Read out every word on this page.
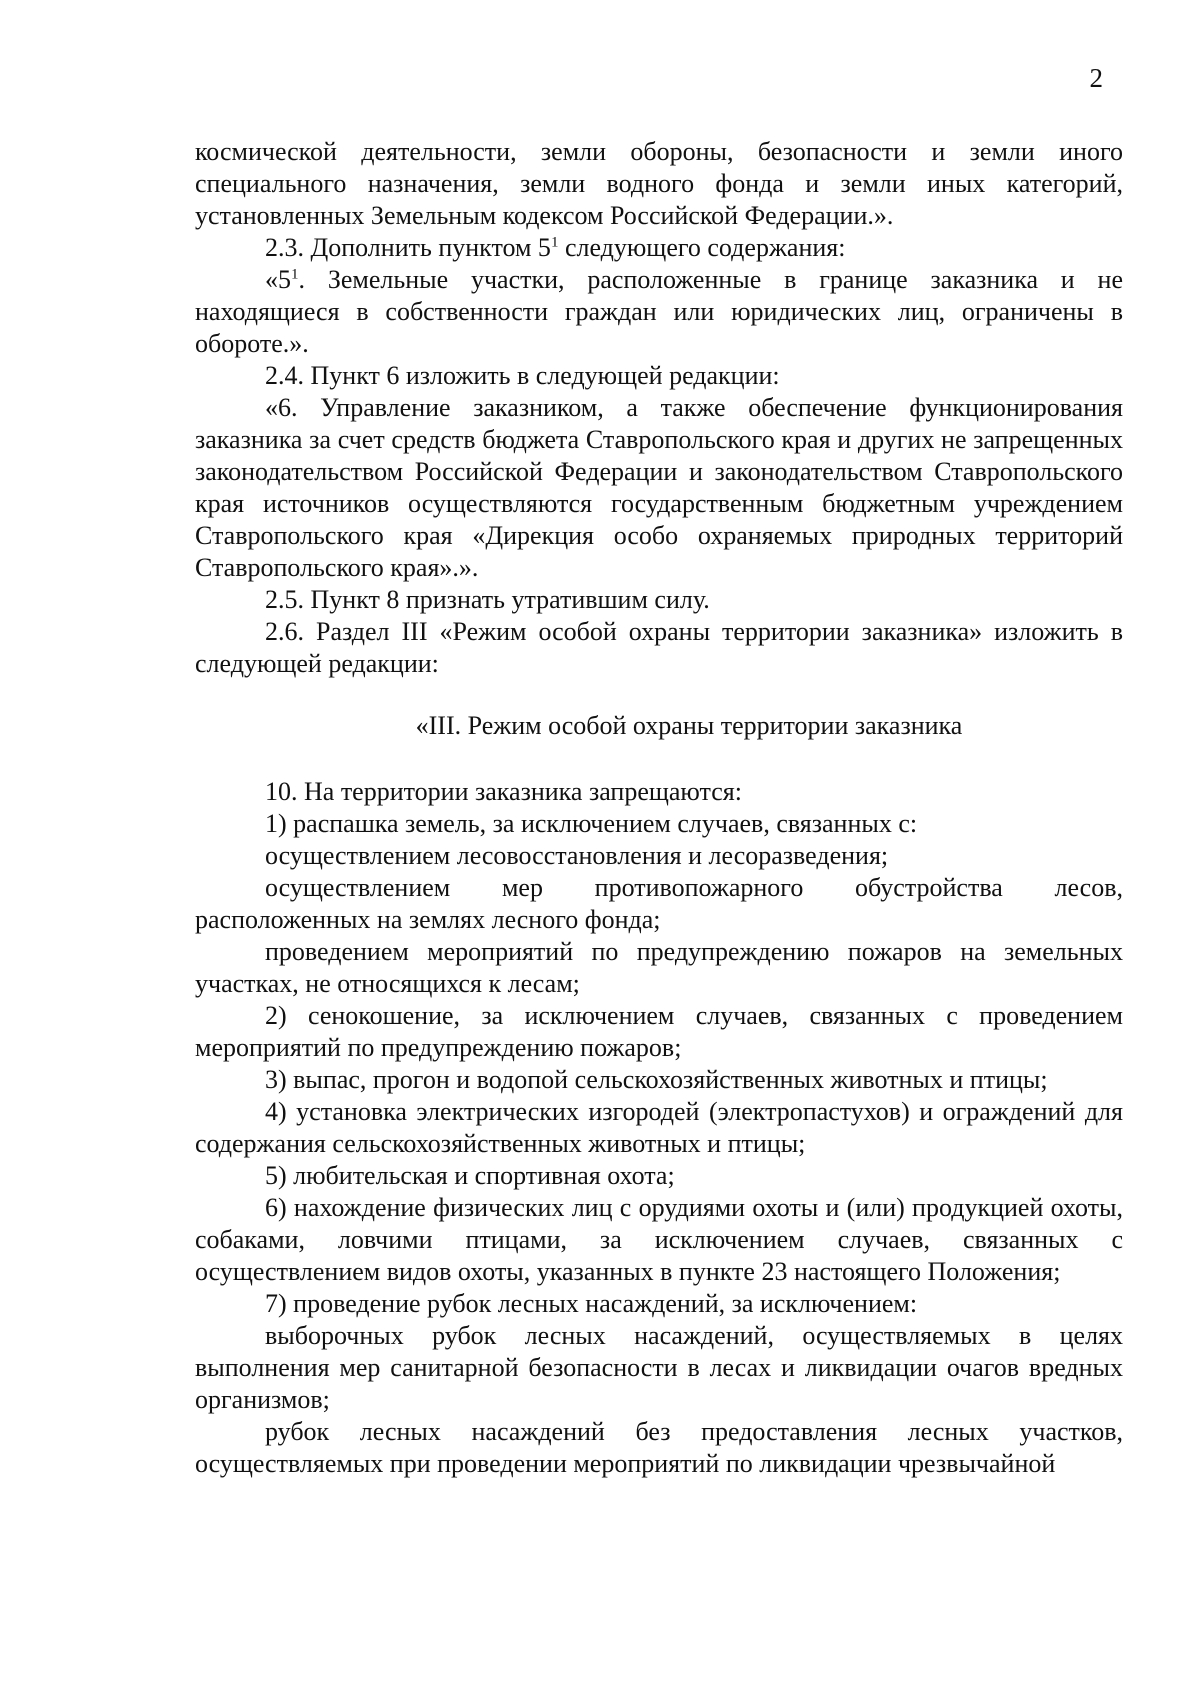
2

космической деятельности, земли обороны, безопасности и земли иного специального назначения, земли водного фонда и земли иных категорий, установленных Земельным кодексом Российской Федерации.».

2.3. Дополнить пунктом $5^1$ следующего содержания:

«$5^1$. Земельные участки, расположенные в границе заказника и не находящиеся в собственности граждан или юридических лиц, ограничены в обороте.».

2.4. Пункт 6 изложить в следующей редакции:

«6. Управление заказником, а также обеспечение функционирования заказника за счет средств бюджета Ставропольского края и других не запрещенных законодательством Российской Федерации и законодательством Ставропольского края источников осуществляются государственным бюджетным учреждением Ставропольского края «Дирекция особо охраняемых природных территорий Ставропольского края».».

2.5. Пункт 8 признать утратившим силу.

2.6. Раздел III «Режим особой охраны территории заказника» изложить в следующей редакции:

«III. Режим особой охраны территории заказника

10. На территории заказника запрещаются:

1) распашка земель, за исключением случаев, связанных с:

осуществлением лесовосстановления и лесоразведения;

осуществлением мер противопожарного обустройства лесов, расположенных на землях лесного фонда;

проведением мероприятий по предупреждению пожаров на земельных участках, не относящихся к лесам;

2) сенокошение, за исключением случаев, связанных с проведением мероприятий по предупреждению пожаров;

3) выпас, прогон и водопой сельскохозяйственных животных и птицы;

4) установка электрических изгородей (электропастухов) и ограждений для содержания сельскохозяйственных животных и птицы;

5) любительская и спортивная охота;

6) нахождение физических лиц с орудиями охоты и (или) продукцией охоты, собаками, ловчими птицами, за исключением случаев, связанных с осуществлением видов охоты, указанных в пункте 23 настоящего Положения;

7) проведение рубок лесных насаждений, за исключением:

выборочных рубок лесных насаждений, осуществляемых в целях выполнения мер санитарной безопасности в лесах и ликвидации очагов вредных организмов;

рубок лесных насаждений без предоставления лесных участков, осуществляемых при проведении мероприятий по ликвидации чрезвычайной
